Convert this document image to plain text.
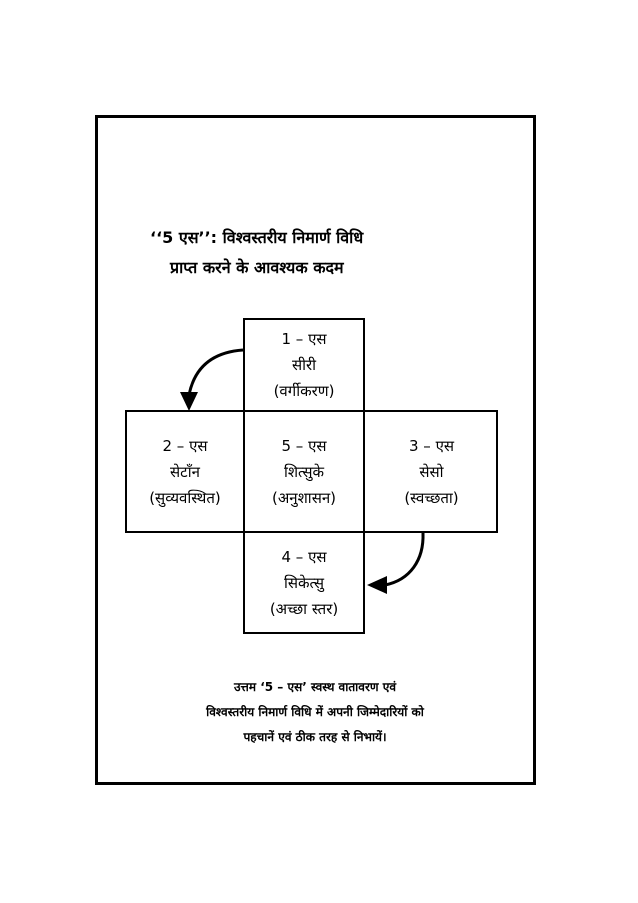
‘‘5 एस’’: विश्वस्तरीय निमार्ण विधि
प्राप्त करने के आवश्यक कदम
1 – एस
सीरी
(वर्गीकरण)
2 – एस
सेटाँन
(सुव्यवस्थित)
5 – एस
शित्सुके
(अनुशासन)
3 – एस
सेसो
(स्वच्छता)
4 – एस
सिकेत्सु
(अच्छा स्तर)
उत्तम ‘5 – एस’ स्वस्थ वातावरण एवं
विश्वस्तरीय निमार्ण विधि में अपनी जिम्मेदारियों को
पहचानें एवं ठीक तरह से निभायें।
